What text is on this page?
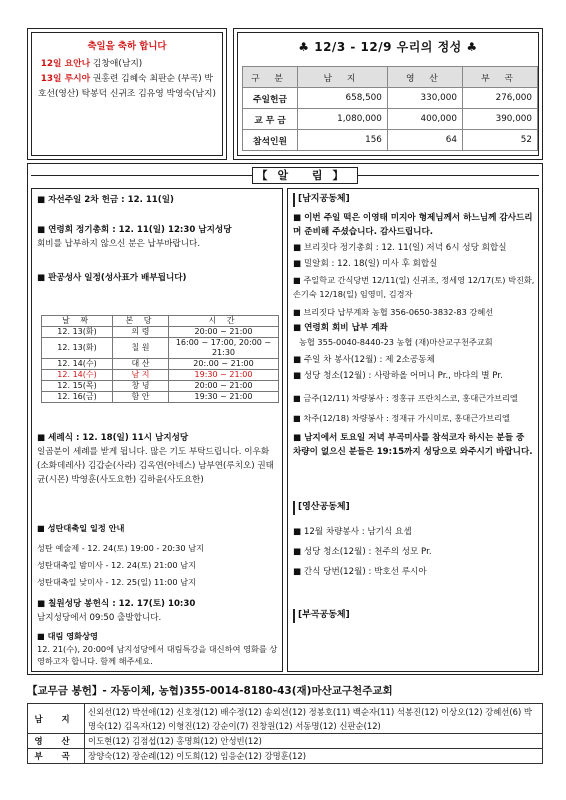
축일을 축하 합니다
12일 요안나 김창애(남지)
13일 루시아 권홍련 김혜숙 최판순 (부곡) 박호선(영산) 탁봉덕 신귀조 김유영 박영숙(남지)
♣ 12/3 - 12/9 우리의 정성 ♣
구 분	남 지	영 산	부 곡
주일헌금	658,500	330,000	276,000
교 무 금	1,080,000	400,000	390,000
참석인원	156	64	52
【알 림】
■ 자선주일 2차 헌금 : 12. 11(일)
■ 연령회 정기총회 : 12. 11(일) 12:30 남지성당
회비를 납부하지 않으신 분은 납부바랍니다.
■ 판공성사 일정(성사표가 배부됩니다)
날 짜	본 당	시 간
12. 13(화)	의 령	20:00 ~ 21:00
12. 13(화)	칠 원	16:00 ~ 17:00, 20:00 ~ 21:30
12. 14(수)	대 산	20:.00 ~ 21:00
12. 14(수)	남 지	19:30 ~ 21:00
12. 15(목)	창 녕	20:00 ~ 21:00
12. 16(금)	함 안	19:30 ~ 21:00
■ 세례식 : 12. 18(일) 11시 남지성당
일곱분이 세례를 받게 됩니다. 많은 기도 부탁드립니다. 이우화(소화데레사) 김갑순(사라) 김옥연(아네스) 남부연(루치오) 권태균(시몬) 박영훈(사도요한) 김하윤(사도요한)
■ 성탄대축일 일정 안내
성탄 예술제 - 12. 24(토) 19:00 - 20:30 남지
성탄대축일 밤미사 - 12. 24(토) 21:00 남지
성탄대축일 낮미사 - 12. 25(일) 11:00 남지
■ 칠원성당 봉헌식 : 12. 17(토) 10:30
남지성당에서 09:50 출발합니다.
■ 대림 영화상영
12. 21(수), 20:00에 남지성당에서 대림특강을 대신하여 영화를 상영하고자 합니다. 함께 해주세요.
[남지공동체]
■ 이번 주일 떡은 이영태 미지아 형제님께서 하느님께 감사드리며 준비해 주셨습니다. 감사드립니다.
■ 브리짓다 정기총회 : 12. 11(일) 저녁 6시 성당 회합실
■ 밀알회 : 12. 18(일) 미사 후 회합실
■ 주일학교 간식당번 12/11(일) 신귀조, 정세영 12/17(토) 박진화, 손기숙 12/18(일) 임영미, 김경자
■ 브리짓다 납부계좌 농협 356-0650-3832-83 강혜선
■ 연령회 회비 납부 계좌
농협 355-0040-8440-23 농협 (재)마산교구천주교회
■ 주일 차 봉사(12월) : 제 2소공동체
■ 성당 청소(12월) : 사랑하올 어머니 Pr., 바다의 별 Pr.
■ 금주(12/11) 차량봉사 : 정홍규 프란치스코, 홍대근가브리엘
■ 차주(12/18) 차량봉사 : 정재규 가시미로, 홍대근가브리엘
■ 남지에서 토요일 저녁 부곡미사를 참석코자 하시는 분들 중 차량이 없으신 분들은 19:15까지 성당으로 와주시기 바랍니다.
[영산공동체]
■ 12월 차량봉사 : 남기식 요셉
■ 성당 청소(12월) : 천주의 성모 Pr.
■ 간식 당번(12월) : 박호선 루시아
[부곡공동체]
【교무금 봉헌】- 자동이체, 농협)355-0014-8180-43(재)마산교구천주교회
남 지	신외선(12) 박선애(12) 신호정(12) 배수정(12) 송외선(12) 정봉호(11) 백순자(11) 석봉진(12) 이상오(12) 강혜선(6) 박명숙(12) 김옥자(12) 이형진(12) 강순이(7) 진창원(12) 서동명(12) 신판순(12)
영 산	이도현(12) 김점섭(12) 홍명희(12) 안성빈(12)
부 곡	장양숙(12) 장순례(12) 이도희(12) 임응순(12) 강명훈(12)
